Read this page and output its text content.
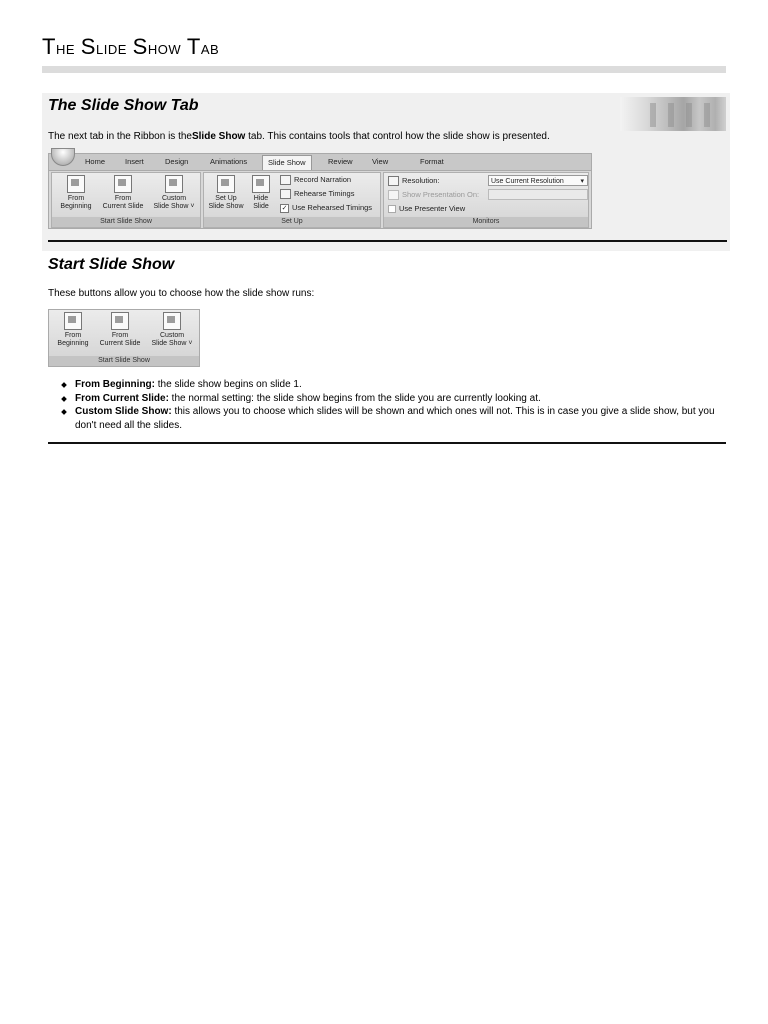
The Slide Show Tab
The Slide Show Tab
The next tab in the Ribbon is theSlide Show tab. This contains tools that control how the slide show is presented.
Home	Insert	Design	Animations	Slide Show	Review	View	Format
From
Beginning
From
Current Slide
Custom
Slide Show ˅
Start Slide Show
Set Up
Slide Show
Hide
Slide
Record Narration
Rehearse Timings
✓ Use Rehearsed Timings
Set Up
Resolution:	Use Current Resolution ▾
Show Presentation On:
Use Presenter View
Monitors
Start Slide Show
These buttons allow you to choose how the slide show runs:
From
Beginning
From
Current Slide
Custom
Slide Show ˅
Start Slide Show
From Beginning: the slide show begins on slide 1.
From Current Slide: the normal setting: the slide show begins from the slide you are currently looking at.
Custom Slide Show: this allows you to choose which slides will be shown and which ones will not. This is in case you give a slide show, but you don't need all the slides.
